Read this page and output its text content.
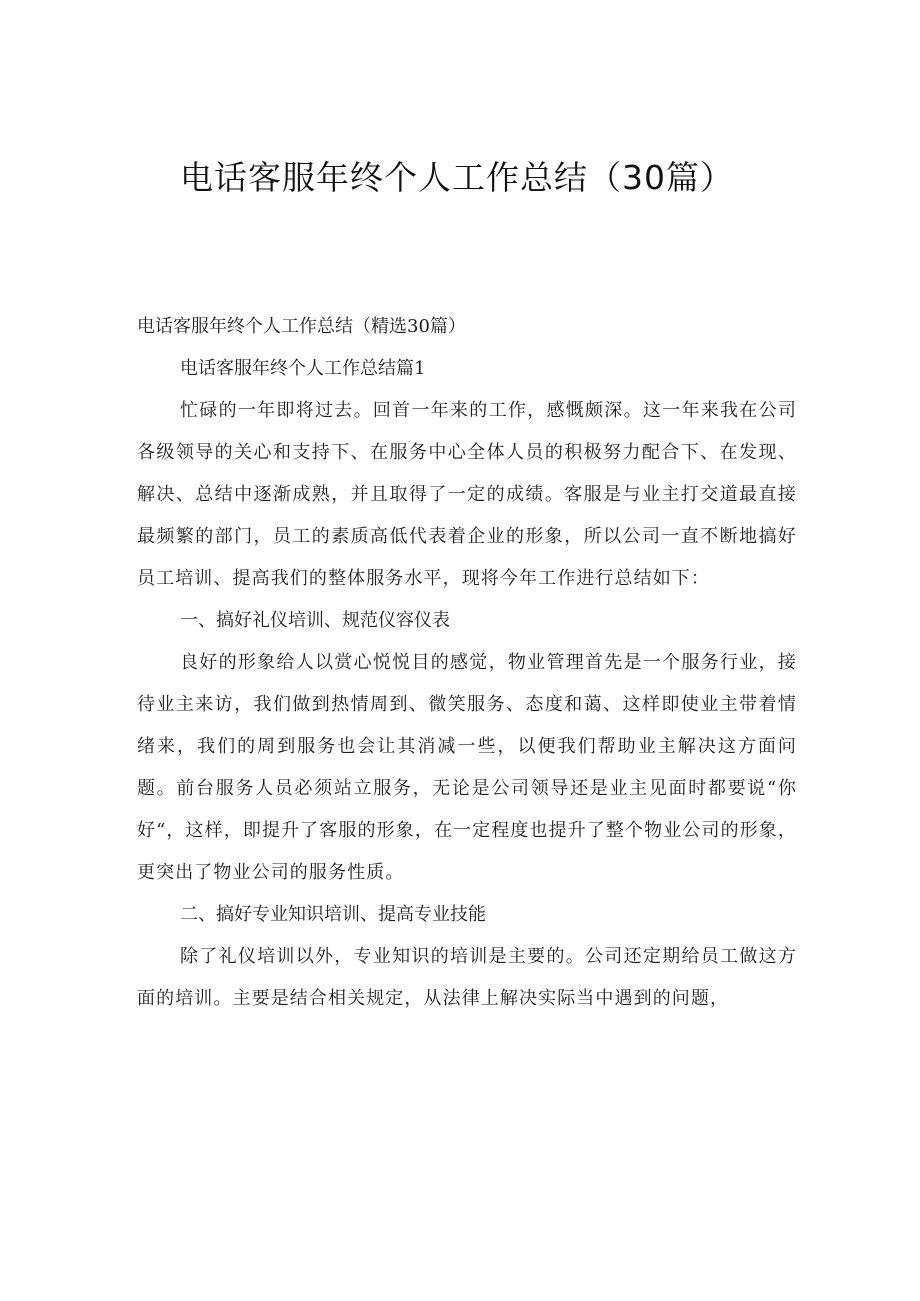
电话客服年终个人工作总结（30篇）
电话客服年终个人工作总结（精选30篇）
电话客服年终个人工作总结篇1
忙碌的一年即将过去。回首一年来的工作，感慨颇深。这一年来我在公司各级领导的关心和支持下、在服务中心全体人员的积极努力配合下、在发现、解决、总结中逐渐成熟，并且取得了一定的成绩。客服是与业主打交道最直接最频繁的部门，员工的素质高低代表着企业的形象，所以公司一直不断地搞好员工培训、提高我们的整体服务水平，现将今年工作进行总结如下：
一、搞好礼仪培训、规范仪容仪表
良好的形象给人以赏心悦悦目的感觉，物业管理首先是一个服务行业，接待业主来访，我们做到热情周到、微笑服务、态度和蔼、这样即使业主带着情绪来，我们的周到服务也会让其消减一些，以便我们帮助业主解决这方面问题。前台服务人员必须站立服务，无论是公司领导还是业主见面时都要说“你好“，这样，即提升了客服的形象，在一定程度也提升了整个物业公司的形象，更突出了物业公司的服务性质。
二、搞好专业知识培训、提高专业技能
除了礼仪培训以外，专业知识的培训是主要的。公司还定期给员工做这方面的培训。主要是结合相关规定，从法律上解决实际当中遇到的问题，
